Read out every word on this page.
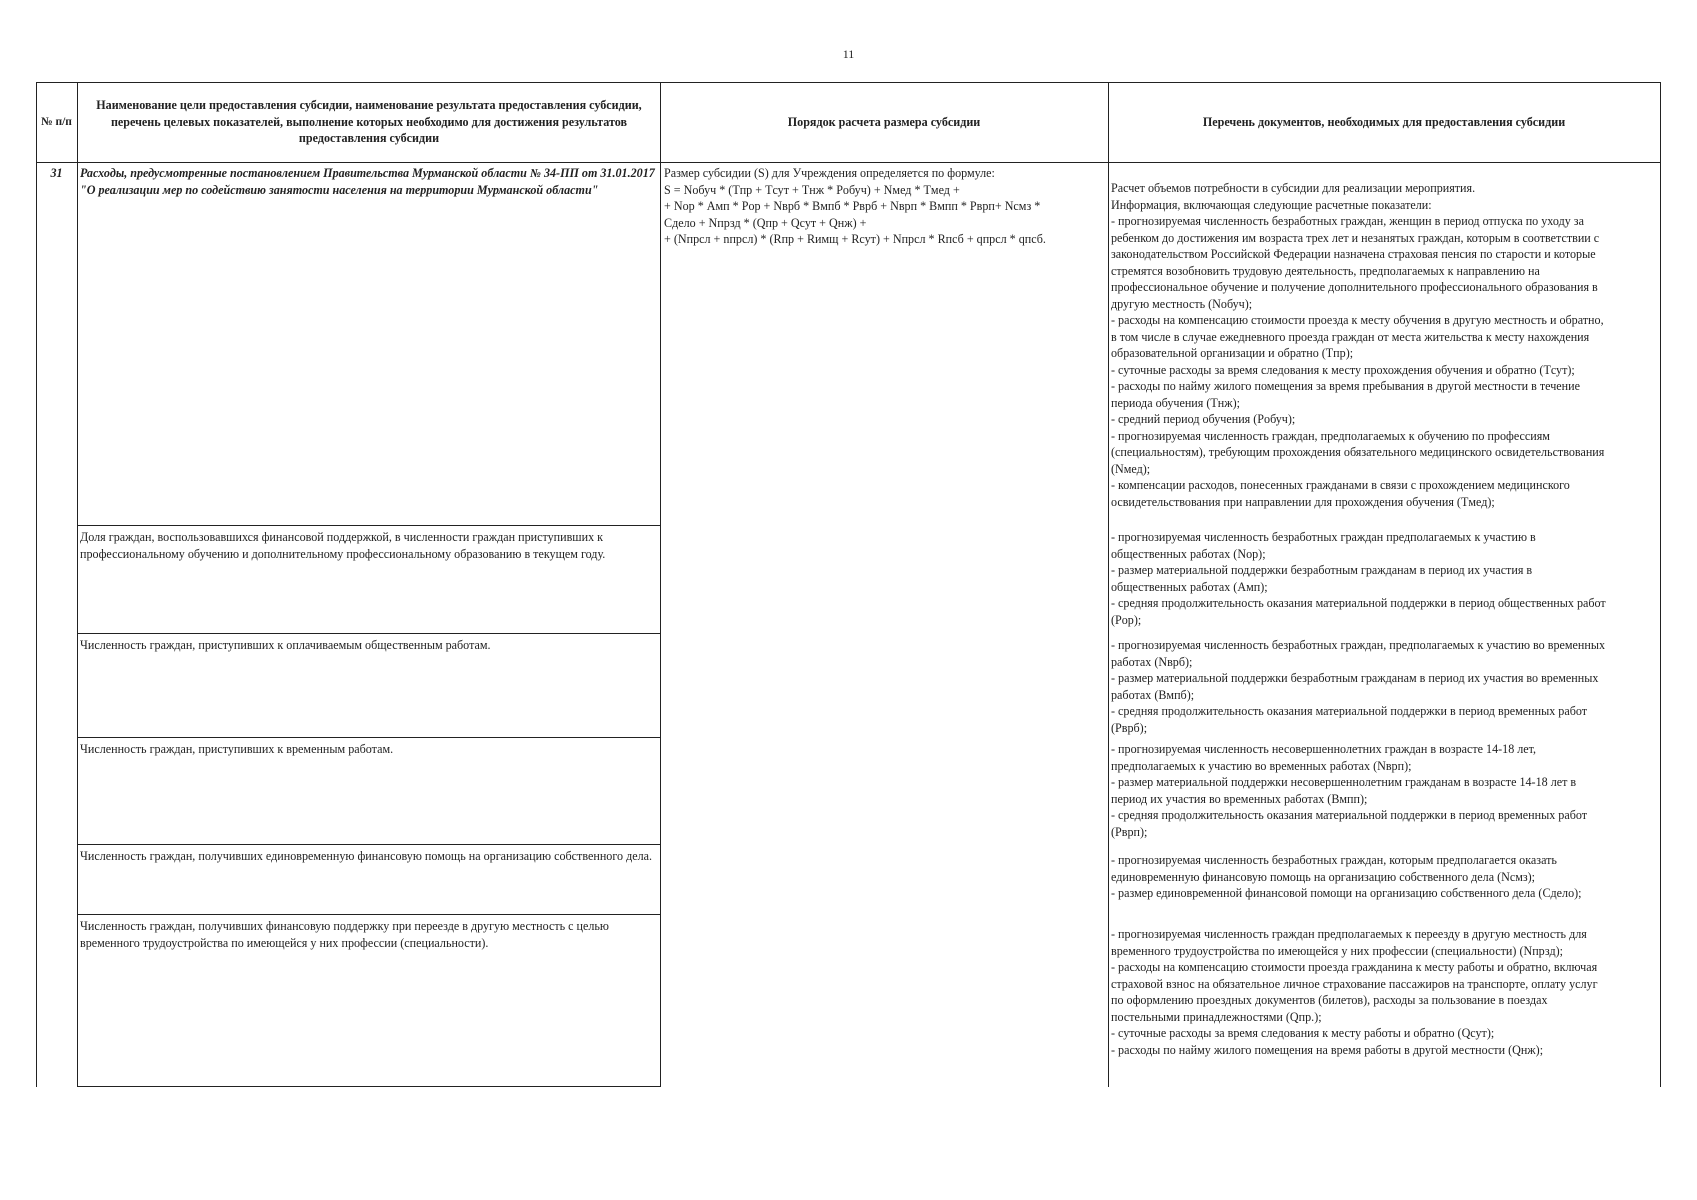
11
№ п/п
Наименование цели предоставления субсидии, наименование результата предоставления субсидии, перечень целевых показателей, выполнение которых необходимо для достижения результатов предоставления субсидии
Порядок расчета размера субсидии	Перечень документов, необходимых для предоставления субсидии
31	Расходы, предусмотренные постановлением Правительства Мурманской области № 34-ПП от 31.01.2017 "О реализации мер по содействию занятости населения на территории Мурманской области"
Доля граждан, воспользовавшихся финансовой поддержкой, в численности граждан приступивших к профессиональному обучению и дополнительному профессиональному образованию в текущем году.
Численность граждан, приступивших к оплачиваемым общественным работам.
Численность граждан, приступивших к временным работам.
Численность граждан, получивших единовременную финансовую помощь на организацию собственного дела.
Численность граждан, получивших финансовую поддержку при переезде в другую местность с целью временного трудоустройства по имеющейся у них профессии (специальности).
Размер субсидии (S) для Учреждения определяется по формуле:
S = Nобуч * (Tпр + Tсут + Tнж * Pобуч) + Nмед * Tмед +
+ Nор * Aмп * Pор + Nврб * Bмпб * Pврб + Nврп * Bмпп * Pврп+ Nсмз *
Cдело + Nпрзд * (Qпр + Qсут + Qнж) +
+ (Nпрсл + nпрсл) * (Rпр + Rимщ + Rсут) + Nпрсл * Rпсб + qпрсл * qпсб.
Расчет объемов потребности в субсидии для реализации мероприятия.
Информация, включающая следующие расчетные показатели:
- прогнозируемая численность безработных граждан, женщин в период отпуска по уходу за
ребенком до достижения им возраста трех лет и незанятых граждан, которым в соответствии с
законодательством Российской Федерации назначена страховая пенсия по старости и которые
стремятся возобновить трудовую деятельность, предполагаемых к направлению на
профессиональное обучение и получение дополнительного профессионального образования в
другую местность (Nобуч);
- расходы на компенсацию стоимости проезда к месту обучения в другую местность и обратно,
в том числе в случае ежедневного проезда граждан от места жительства к месту нахождения
образовательной организации и обратно (Tпр);
- суточные расходы за время следования к месту прохождения обучения и обратно (Tсут);
- расходы по найму жилого помещения за время пребывания в другой местности в течение
периода обучения (Tнж);
- средний период обучения (Pобуч);
- прогнозируемая численность граждан, предполагаемых к обучению по профессиям
(специальностям), требующим прохождения обязательного медицинского освидетельствования
(Nмед);
- компенсации расходов, понесенных гражданами в связи с прохождением медицинского
освидетельствования при направлении для прохождения обучения (Tмед);
- прогнозируемая численность безработных граждан предполагаемых к участию в
общественных работах (Nор);
- размер материальной поддержки безработным гражданам в период их участия в
общественных работах (Aмп);
- средняя продолжительность оказания материальной поддержки в период общественных работ
(Pор);
- прогнозируемая численность безработных граждан, предполагаемых к участию во временных
работах (Nврб);
- размер материальной поддержки безработным гражданам в период их участия во временных
работах (Bмпб);
- средняя продолжительность оказания материальной поддержки в период временных работ
(Pврб);
- прогнозируемая численность несовершеннолетних граждан в возрасте 14-18 лет,
предполагаемых к участию во временных работах (Nврп);
- размер материальной поддержки несовершеннолетним гражданам в возрасте 14-18 лет в
период их участия во временных работах (Bмпп);
- средняя продолжительность оказания материальной поддержки в период временных работ
(Pврп);
- прогнозируемая численность безработных граждан, которым предполагается оказать
единовременную финансовую помощь на организацию собственного дела (Nсмз);
- размер единовременной финансовой помощи на организацию собственного дела (Cдело);
- прогнозируемая численность граждан предполагаемых к переезду в другую местность для
временного трудоустройства по имеющейся у них профессии (специальности) (Nпрзд);
- расходы на компенсацию стоимости проезда гражданина к месту работы и обратно, включая
страховой взнос на обязательное личное страхование пассажиров на транспорте, оплату услуг
по оформлению проездных документов (билетов), расходы за пользование в поездах
постельными принадлежностями (Qпр.);
- суточные расходы за время следования к месту работы и обратно (Qсут);
- расходы по найму жилого помещения на время работы в другой местности (Qнж);
